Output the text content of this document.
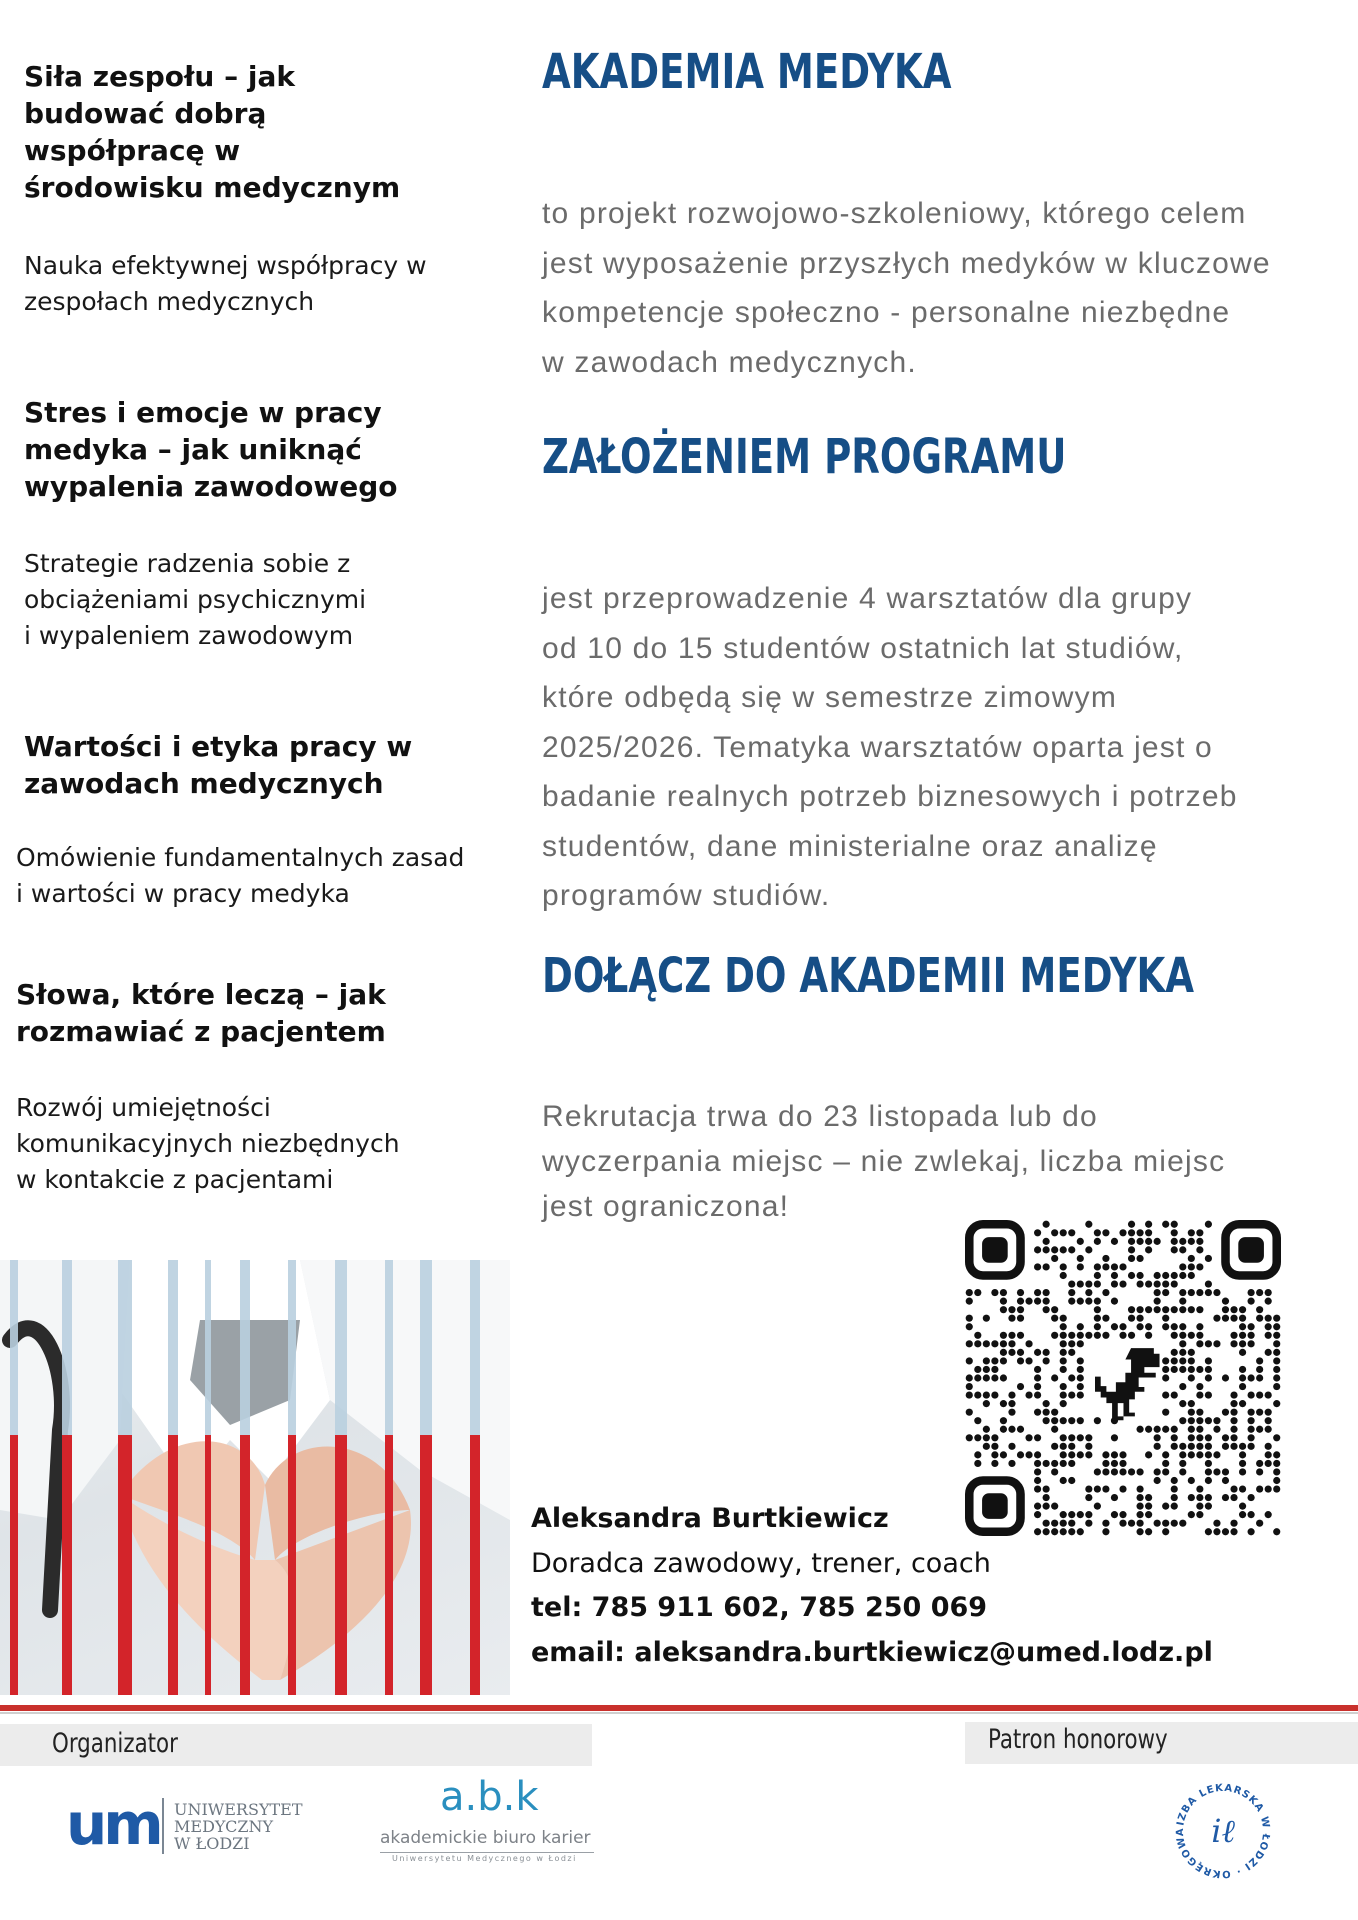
Siła zespołu – jak
budować dobrą
współpracę w
środowisku medycznym
Nauka efektywnej współpracy w
zespołach medycznych
Stres i emocje w pracy
medyka – jak uniknąć
wypalenia zawodowego
Strategie radzenia sobie z
obciążeniami psychicznymi
i wypaleniem zawodowym
Wartości i etyka pracy w
zawodach medycznych
Omówienie fundamentalnych zasad
i wartości w pracy medyka
Słowa, które leczą – jak
rozmawiać z pacjentem
Rozwój umiejętności
komunikacyjnych niezbędnych
w kontakcie z pacjentami
AKADEMIA MEDYKA
to projekt rozwojowo-szkoleniowy, którego celem
jest wyposażenie przyszłych medyków w kluczowe
kompetencje społeczno - personalne niezbędne
w zawodach medycznych.
ZAŁOŻENIEM PROGRAMU
jest przeprowadzenie 4 warsztatów dla grupy
od 10 do 15 studentów ostatnich lat studiów,
które odbędą się w semestrze zimowym
2025/2026. Tematyka warsztatów oparta jest o
badanie realnych potrzeb biznesowych i potrzeb
studentów, dane ministerialne oraz analizę
programów studiów.
DOŁĄCZ DO AKADEMII MEDYKA
Rekrutacja trwa do 23 listopada lub do
wyczerpania miejsc – nie zwlekaj, liczba miejsc
jest ograniczona!
Aleksandra Burtkiewicz
Doradca zawodowy, trener, coach
tel: 785 911 602, 785 250 069
email: aleksandra.burtkiewicz@umed.lodz.pl
Organizator	Patron honorowy
um UNIWERSYTET
MEDYCZNY
W ŁODZI
a.b.k
akademickie biuro karier
Uniwersytetu Medycznego w Łodzi
IZBA LEKARSKA W ŁODZI · OKRĘGOWA iℓ
